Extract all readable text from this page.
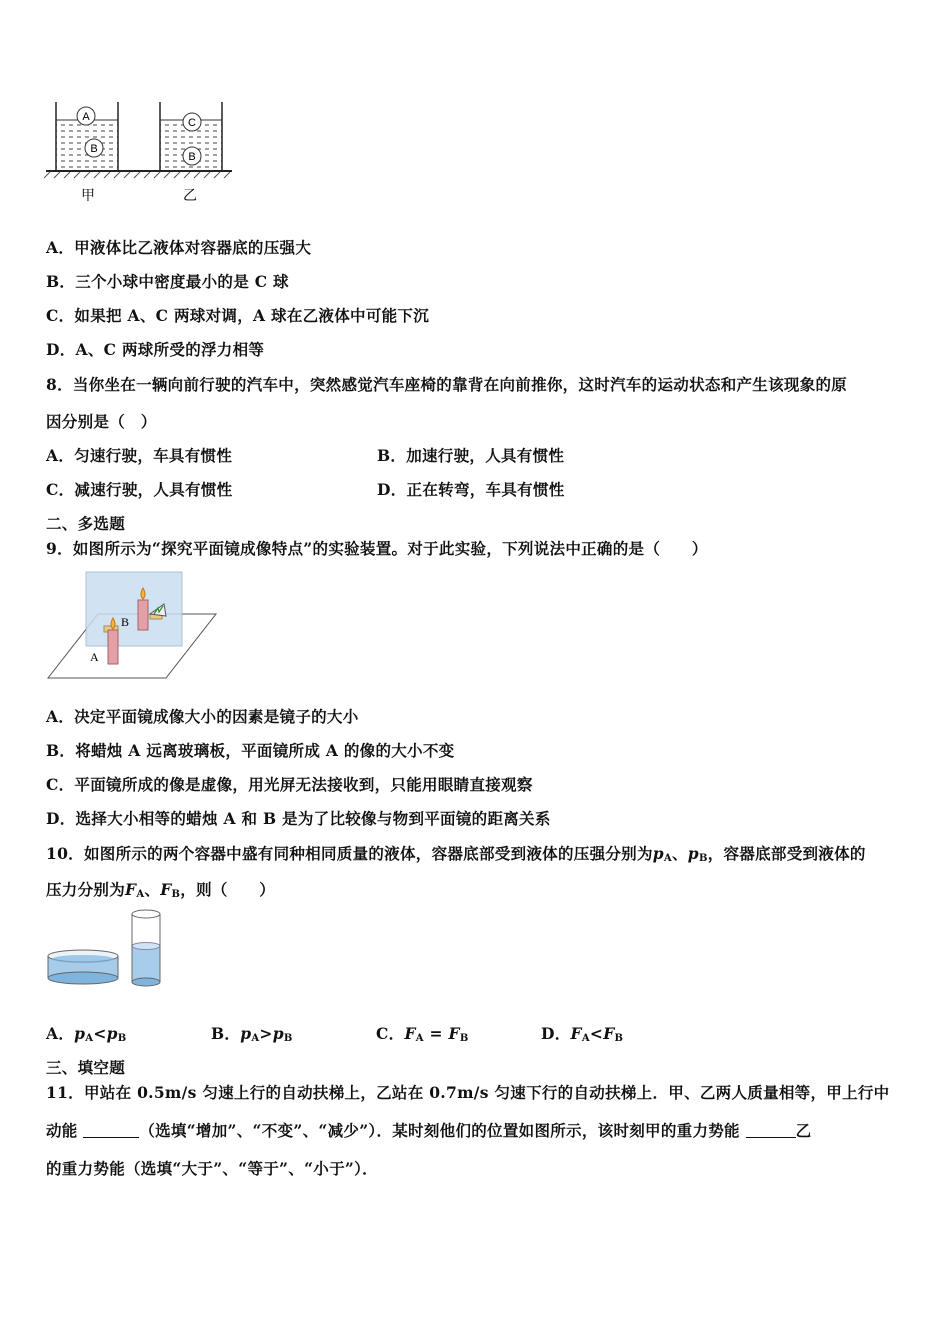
A
B
C
B
甲	乙
A．甲液体比乙液体对容器底的压强大
B．三个小球中密度最小的是 C 球
C．如果把 A、C 两球对调，A 球在乙液体中可能下沉
D．A、C 两球所受的浮力相等
8．当你坐在一辆向前行驶的汽车中，突然感觉汽车座椅的靠背在向前推你，这时汽车的运动状态和产生该现象的原
因分别是（　）
A．匀速行驶，车具有惯性	B．加速行驶，人具有惯性
C．减速行驶，人具有惯性	D．正在转弯，车具有惯性
二、多选题
9．如图所示为“探究平面镜成像特点”的实验装置。对于此实验，下列说法中正确的是（　　）
A
B
A．决定平面镜成像大小的因素是镜子的大小
B．将蜡烛 A 远离玻璃板，平面镜所成 A 的像的大小不变
C．平面镜所成的像是虚像，用光屏无法接收到，只能用眼睛直接观察
D．选择大小相等的蜡烛 A 和 B 是为了比较像与物到平面镜的距离关系
10．如图所示的两个容器中盛有同种相同质量的液体，容器底部受到液体的压强分别为$p_A$、$p_B$，容器底部受到液体的
压力分别为$F_A$、$F_B$，则（　　）
A．$p_A<p_B$	B．$p_A>p_B$	C．$F_A = F_B$	D．$F_A<F_B$
三、填空题
11．甲站在 0.5m/s 匀速上行的自动扶梯上，乙站在 0.7m/s 匀速下行的自动扶梯上．甲、乙两人质量相等，甲上行中
动能	（选填“增加”、“不变”、“减少”）．某时刻他们的位置如图所示，该时刻甲的重力势能	乙
的重力势能（选填“大于”、“等于”、“小于”）．
